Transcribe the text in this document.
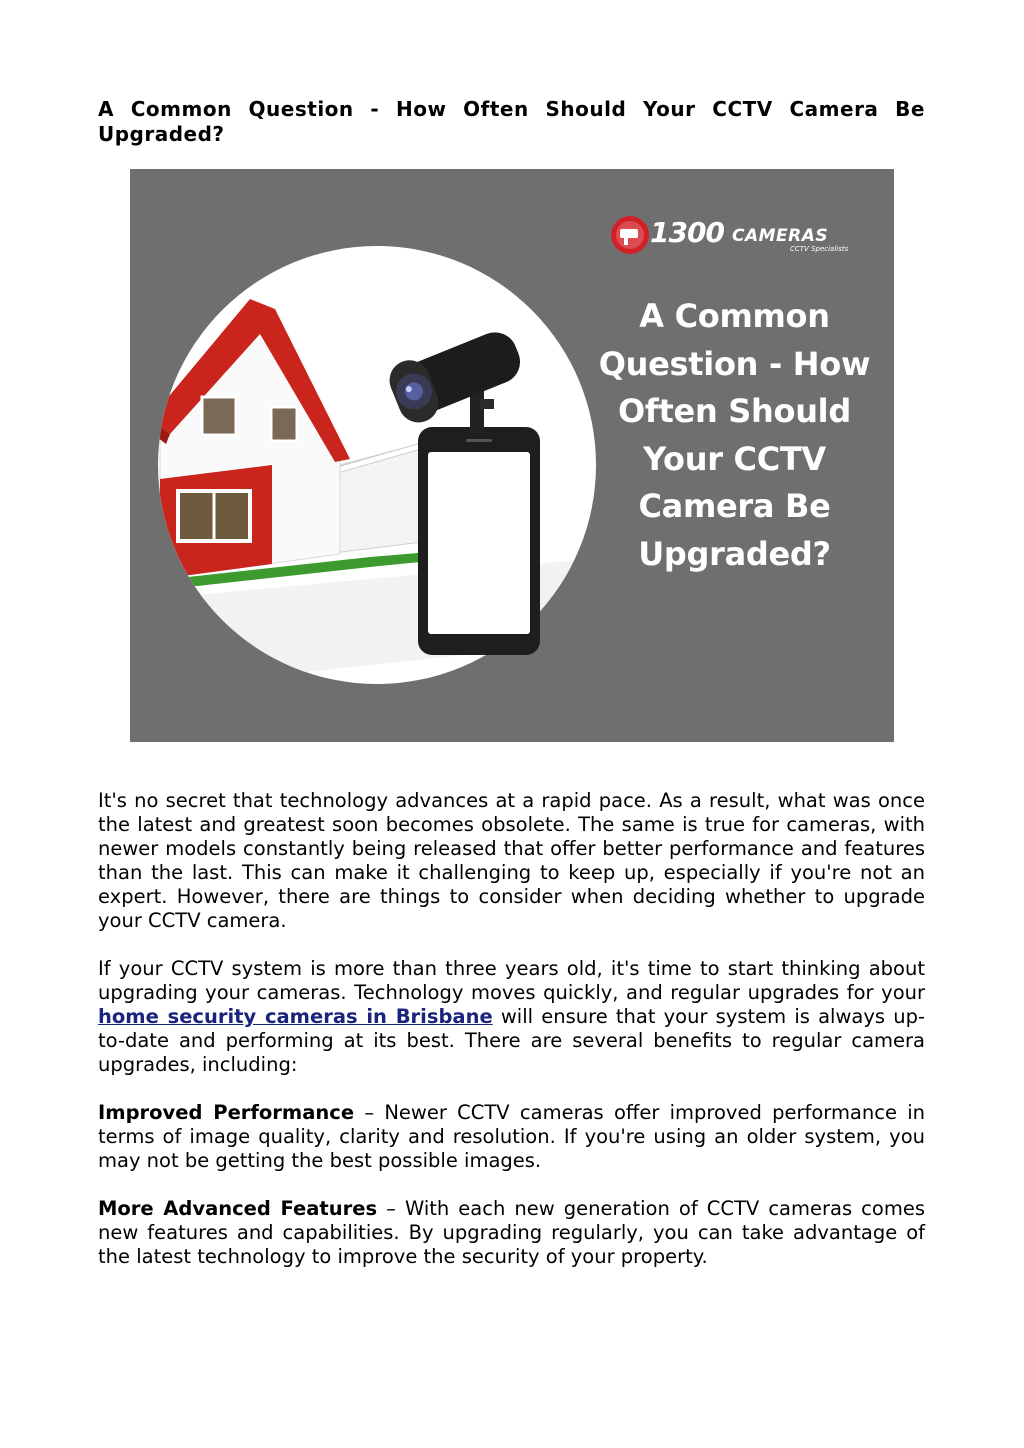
A Common Question - How Often Should Your CCTV Camera Be Upgraded?
1300 CAMERAS
CCTV Specialists
A Common
Question - How
Often Should
Your CCTV
Camera Be
Upgraded?

It's no secret that technology advances at a rapid pace. As a result, what was once the latest and greatest soon becomes obsolete. The same is true for cameras, with newer models constantly being released that offer better performance and features than the last. This can make it challenging to keep up, especially if you're not an expert. However, there are things to consider when deciding whether to upgrade your CCTV camera.

If your CCTV system is more than three years old, it's time to start thinking about upgrading your cameras. Technology moves quickly, and regular upgrades for your home security cameras in Brisbane will ensure that your system is always up-to-date and performing at its best. There are several benefits to regular camera upgrades, including:

Improved Performance – Newer CCTV cameras offer improved performance in terms of image quality, clarity and resolution. If you're using an older system, you may not be getting the best possible images.

More Advanced Features – With each new generation of CCTV cameras comes new features and capabilities. By upgrading regularly, you can take advantage of the latest technology to improve the security of your property.
